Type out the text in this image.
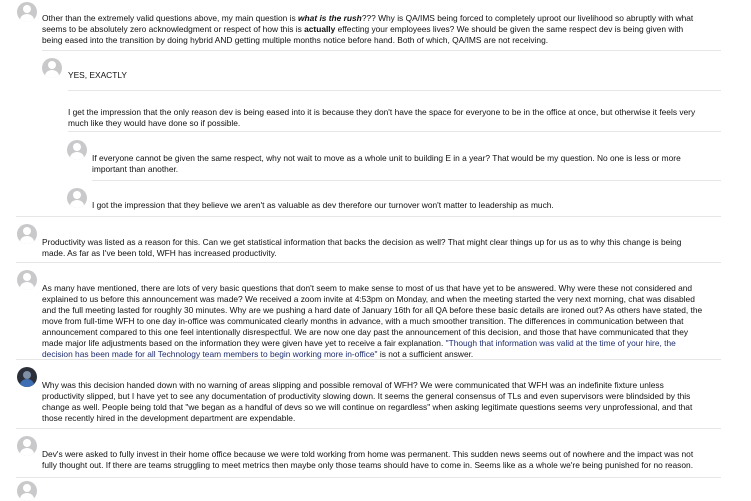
Other than the extremely valid questions above, my main question is what is the rush??? Why is QA/IMS being forced to completely uproot our livelihood so abruptly with what seems to be absolutely zero acknowledgment or respect of how this is actually effecting your employees lives? We should be given the same respect dev is being given with being eased into the transition by doing hybrid AND getting multiple months notice before hand. Both of which, QA/IMS are not receiving.
YES, EXACTLY
I get the impression that the only reason dev is being eased into it is because they don't have the space for everyone to be in the office at once, but otherwise it feels very much like they would have done so if possible.
If everyone cannot be given the same respect, why not wait to move as a whole unit to building E in a year? That would be my question. No one is less or more important than another.
I got the impression that they believe we aren't as valuable as dev therefore our turnover won't matter to leadership as much.
Productivity was listed as a reason for this. Can we get statistical information that backs the decision as well? That might clear things up for us as to why this change is being made. As far as I've been told, WFH has increased productivity.
As many have mentioned, there are lots of very basic questions that don't seem to make sense to most of us that have yet to be answered. Why were these not considered and explained to us before this announcement was made? We received a zoom invite at 4:53pm on Monday, and when the meeting started the very next morning, chat was disabled and the full meeting lasted for roughly 30 minutes. Why are we pushing a hard date of January 16th for all QA before these basic details are ironed out? As others have stated, the move from full-time WFH to one day in-office was communicated clearly months in advance, with a much smoother transition. The differences in communication between that announcement compared to this one feel intentionally disrespectful. We are now one day past the announcement of this decision, and those that have communicated that they made major life adjustments based on the information they were given have yet to receive a fair explanation. "Though that information was valid at the time of your hire, the decision has been made for all Technology team members to begin working more in-office" is not a sufficient answer.
Why was this decision handed down with no warning of areas slipping and possible removal of WFH? We were communicated that WFH was an indefinite fixture unless productivity slipped, but I have yet to see any documentation of productivity slowing down. It seems the general consensus of TLs and even supervisors were blindsided by this change as well. People being told that "we began as a handful of devs so we will continue on regardless" when asking legitimate questions seems very unprofessional, and that those recently hired in the development department are expendable.
Dev's were asked to fully invest in their home office because we were told working from home was permanent. This sudden news seems out of nowhere and the impact was not fully thought out. If there are teams struggling to meet metrics then maybe only those teams should have to come in. Seems like as a whole we're being punished for no reason.
